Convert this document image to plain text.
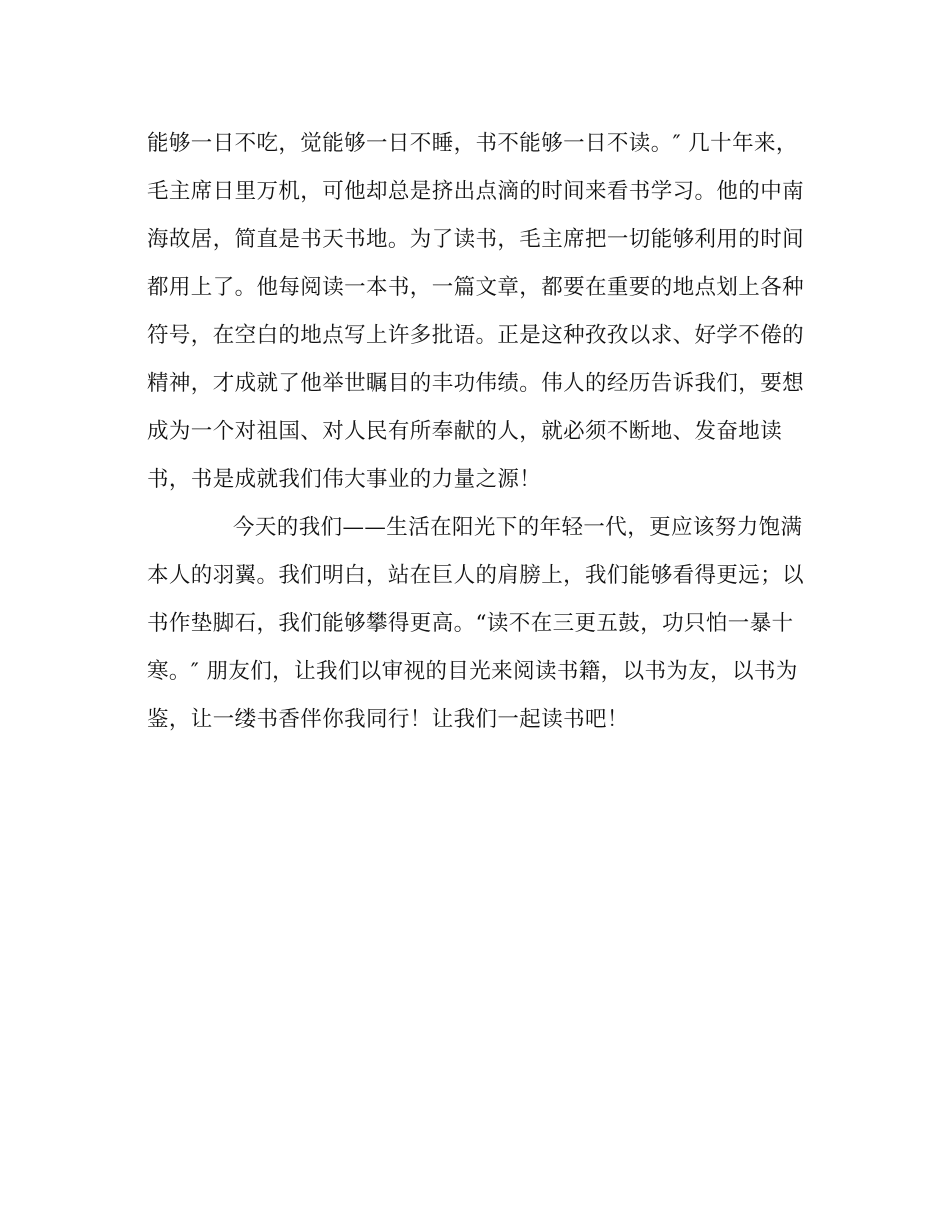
能够一日不吃，觉能够一日不睡，书不能够一日不读。″ 几十年来，
毛主席日里万机，可他却总是挤出点滴的时间来看书学习。他的中南
海故居，简直是书天书地。为了读书，毛主席把一切能够利用的时间
都用上了。他每阅读一本书，一篇文章，都要在重要的地点划上各种
符号，在空白的地点写上许多批语。正是这种孜孜以求、好学不倦的
精神，才成就了他举世瞩目的丰功伟绩。伟人的经历告诉我们，要想
成为一个对祖国、对人民有所奉献的人，就必须不断地、发奋地读
书，书是成就我们伟大事业的力量之源！
今天的我们——生活在阳光下的年轻一代，更应该努力饱满
本人的羽翼。我们明白，站在巨人的肩膀上，我们能够看得更远；以
书作垫脚石，我们能够攀得更高。“读不在三更五鼓，功只怕一暴十
寒。″ 朋友们，让我们以审视的目光来阅读书籍，以书为友，以书为
鉴，让一缕书香伴你我同行！让我们一起读书吧！
